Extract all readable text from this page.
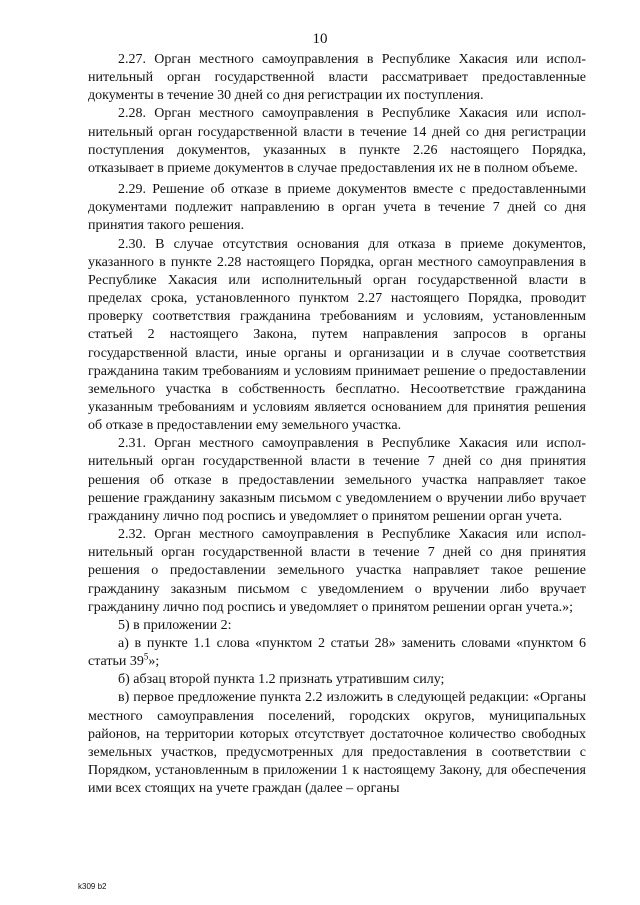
10

2.27. Орган местного самоуправления в Республике Хакасия или исполнительный орган государственной власти рассматривает предоставленные документы в течение 30 дней со дня регистрации их поступления.

2.28. Орган местного самоуправления в Республике Хакасия или исполнительный орган государственной власти в течение 14 дней со дня регистрации поступления документов, указанных в пункте 2.26 настоящего Порядка, отказывает в приеме документов в случае предоставления их не в полном объеме.

2.29. Решение об отказе в приеме документов вместе с предоставленными документами подлежит направлению в орган учета в течение 7 дней со дня принятия такого решения.

2.30. В случае отсутствия основания для отказа в приеме документов, указанного в пункте 2.28 настоящего Порядка, орган местного самоуправления в Республике Хакасия или исполнительный орган государственной власти в пределах срока, установленного пунктом 2.27 настоящего Порядка, проводит проверку соответствия гражданина требованиям и условиям, установленным статьей 2 настоящего Закона, путем направления запросов в органы государственной власти, иные органы и организации и в случае соответствия гражданина таким требованиям и условиям принимает решение о предоставлении земельного участка в собственность бесплатно. Несоответствие гражданина указанным требованиям и условиям является основанием для принятия решения об отказе в предоставлении ему земельного участка.

2.31. Орган местного самоуправления в Республике Хакасия или исполнительный орган государственной власти в течение 7 дней со дня принятия решения об отказе в предоставлении земельного участка направляет такое решение гражданину заказным письмом с уведомлением о вручении либо вручает гражданину лично под роспись и уведомляет о принятом решении орган учета.

2.32. Орган местного самоуправления в Республике Хакасия или исполнительный орган государственной власти в течение 7 дней со дня принятия решения о предоставлении земельного участка направляет такое решение гражданину заказным письмом с уведомлением о вручении либо вручает гражданину лично под роспись и уведомляет о принятом решении орган учета.»;

5) в приложении 2:

а) в пункте 1.1 слова «пунктом 2 статьи 28» заменить словами «пунктом 6 статьи $39^5$»;

б) абзац второй пункта 1.2 признать утратившим силу;

в) первое предложение пункта 2.2 изложить в следующей редакции: «Органы местного самоуправления поселений, городских округов, муниципальных районов, на территории которых отсутствует достаточное количество свободных земельных участков, предусмотренных для предоставления в соответствии с Порядком, установленным в приложении 1 к настоящему Закону, для обеспечения ими всех стоящих на учете граждан (далее – органы

k309 b2
